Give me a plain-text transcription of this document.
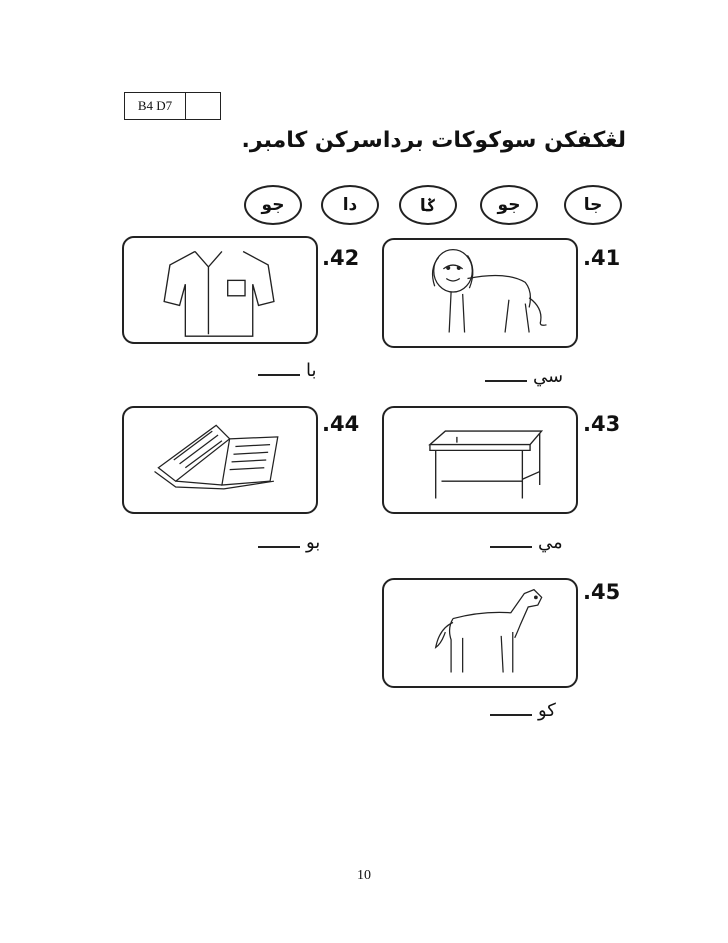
B4 D7
لڠکفکن سوکوکات برداسرکن کامبر.
جا
جو
ݢا
دا
جو
.41
سي
.42
با
.43
مي
.44
بو
.45
کو
10
